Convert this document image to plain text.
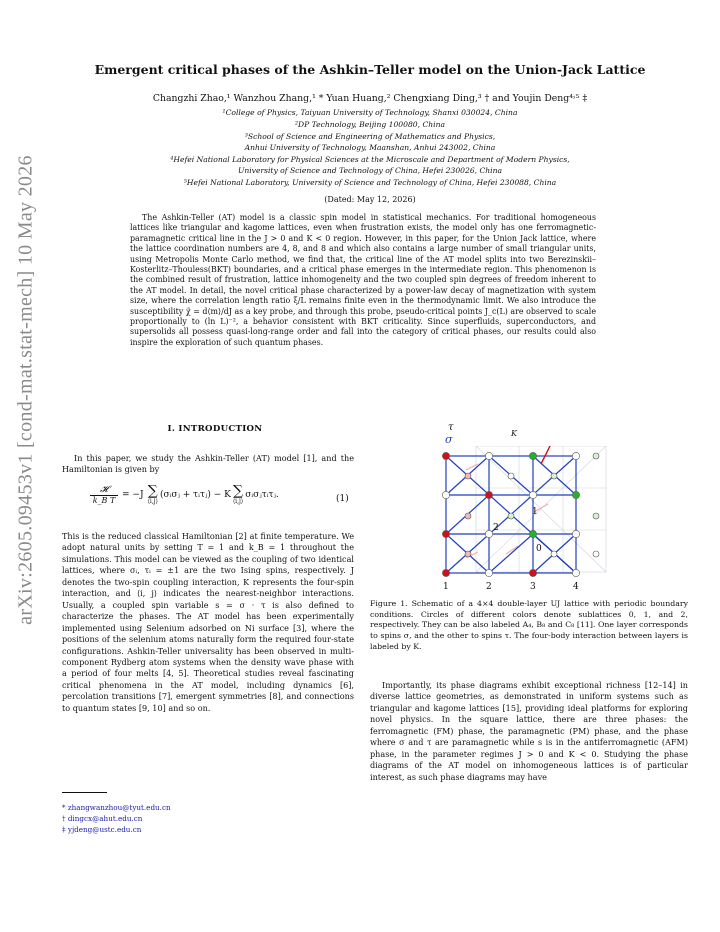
arXiv:2605.09453v1 [cond-mat.stat-mech] 10 May 2026
Emergent critical phases of the Ashkin–Teller model on the Union-Jack Lattice
Changzhi Zhao,¹ Wanzhou Zhang,¹ * Yuan Huang,² Chengxiang Ding,³ † and Youjin Deng⁴˒⁵ ‡
¹College of Physics, Taiyuan University of Technology, Shanxi 030024, China
²DP Technology, Beijing 100080, China
³School of Science and Engineering of Mathematics and Physics,
Anhui University of Technology, Maanshan, Anhui 243002, China
⁴Hefei National Laboratory for Physical Sciences at the Microscale and Department of Modern Physics,
University of Science and Technology of China, Hefei 230026, China
⁵Hefei National Laboratory, University of Science and Technology of China, Hefei 230088, China
(Dated: May 12, 2026)
The Ashkin-Teller (AT) model is a classic spin model in statistical mechanics. For traditional homogeneous lattices like triangular and kagome lattices, even when frustration exists, the model only has one ferromagnetic-paramagnetic critical line in the J > 0 and K < 0 region. However, in this paper, for the Union Jack lattice, where the lattice coordination numbers are 4, 8, and 8 and which also contains a large number of small triangular units, using Metropolis Monte Carlo method, we find that, the critical line of the AT model splits into two Berezinskii–Kosterlitz–Thouless(BKT) boundaries, and a critical phase emerges in the intermediate region. This phenomenon is the combined result of frustration, lattice inhomogeneity and the two coupled spin degrees of freedom inherent to the AT model. In detail, the novel critical phase characterized by a power-law decay of magnetization with system size, where the correlation length ratio ξ/L remains finite even in the thermodynamic limit. We also introduce the susceptibility χ̃ = d⟨m⟩/dJ as a key probe, and through this probe, pseudo-critical points J_c(L) are observed to scale proportionally to (ln L)⁻², a behavior consistent with BKT criticality. Since superfluids, superconductors, and supersolids all possess quasi-long-range order and fall into the category of critical phases, our results could also inspire the exploration of such quantum phases.
I. INTRODUCTION
In this paper, we study the Ashkin-Teller (AT) model [1], and the Hamiltonian is given by
𝓗
k_B T
= −J ∑
⟨i,j⟩
(σᵢσⱼ + τᵢτⱼ) − K ∑
⟨i,j⟩
σᵢσⱼτᵢτⱼ.	(1)
This is the reduced classical Hamiltonian [2] at finite temperature. We adopt natural units by setting T = 1 and k_B = 1 throughout the simulations. This model can be viewed as the coupling of two identical lattices, where σᵢ, τᵢ = ±1 are the two Ising spins, respectively. J denotes the two-spin coupling interaction, K represents the four-spin interaction, and ⟨i, j⟩ indicates the nearest-neighbor interactions. Usually, a coupled spin variable s = σ · τ is also defined to characterize the phases. The AT model has been experimentally implemented using Selenium adsorbed on Ni surface [3], where the positions of the selenium atoms naturally form the required four-state configurations. Ashkin-Teller universality has been observed in multi-component Rydberg atom systems when the density wave phase with a period of four melts [4, 5]. Theoretical studies reveal fascinating critical phenomena in the AT model, including dynamics [6], percolation transitions [7], emergent symmetries [8], and connections to quantum states [9, 10] and so on.
* zhangwanzhou@tyut.edu.cn
† dingcx@ahut.edu.cn
‡ yjdeng@ustc.edu.cn
1
2
0
1	2	3	4
τ
σ	K
Figure 1. Schematic of a 4×4 double-layer UJ lattice with periodic boundary conditions. Circles of different colors denote sublattices 0, 1, and 2, respectively. They can be also labeled A₄, B₈ and C₈ [11]. One layer corresponds to spins σ, and the other to spins τ. The four-body interaction between layers is labeled by K.
Importantly, its phase diagrams exhibit exceptional richness [12–14] in diverse lattice geometries, as demonstrated in uniform systems such as triangular and kagome lattices [15], providing ideal platforms for exploring novel physics. In the square lattice, there are three phases: the ferromagnetic (FM) phase, the paramagnetic (PM) phase, and the phase where σ and τ are paramagnetic while s is in the antiferromagnetic (AFM) phase, in the parameter regimes J > 0 and K < 0. Studying the phase diagrams of the AT model on inhomogeneous lattices is of particular interest, as such phase diagrams may have
